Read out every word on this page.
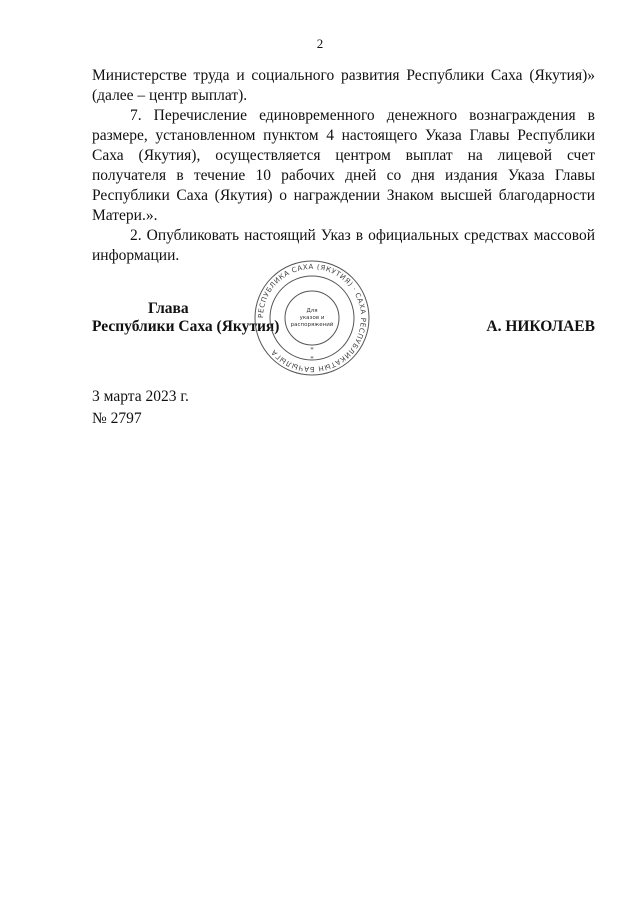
2

Министерстве труда и социального развития Республики Саха (Якутия)» (далее – центр выплат).

7. Перечисление единовременного денежного вознаграждения в размере, установленном пунктом 4 настоящего Указа Главы Республики Саха (Якутия), осуществляется центром выплат на лицевой счет получателя в течение 10 рабочих дней со дня издания Указа Главы Республики Саха (Якутия) о награждении Знаком высшей благодарности Матери.».

2. Опубликовать настоящий Указ в официальных средствах массовой информации.

Глава
Республики Саха (Якутия)	А. НИКОЛАЕВ
РЕСПУБЛИКА САХА (ЯКУТИЯ) · САХА РЕСПУБЛИКАТЫН БАЧЫЛЫГА
Для
указов и
распоряжений
*
*
3 марта 2023 г.
№ 2797
